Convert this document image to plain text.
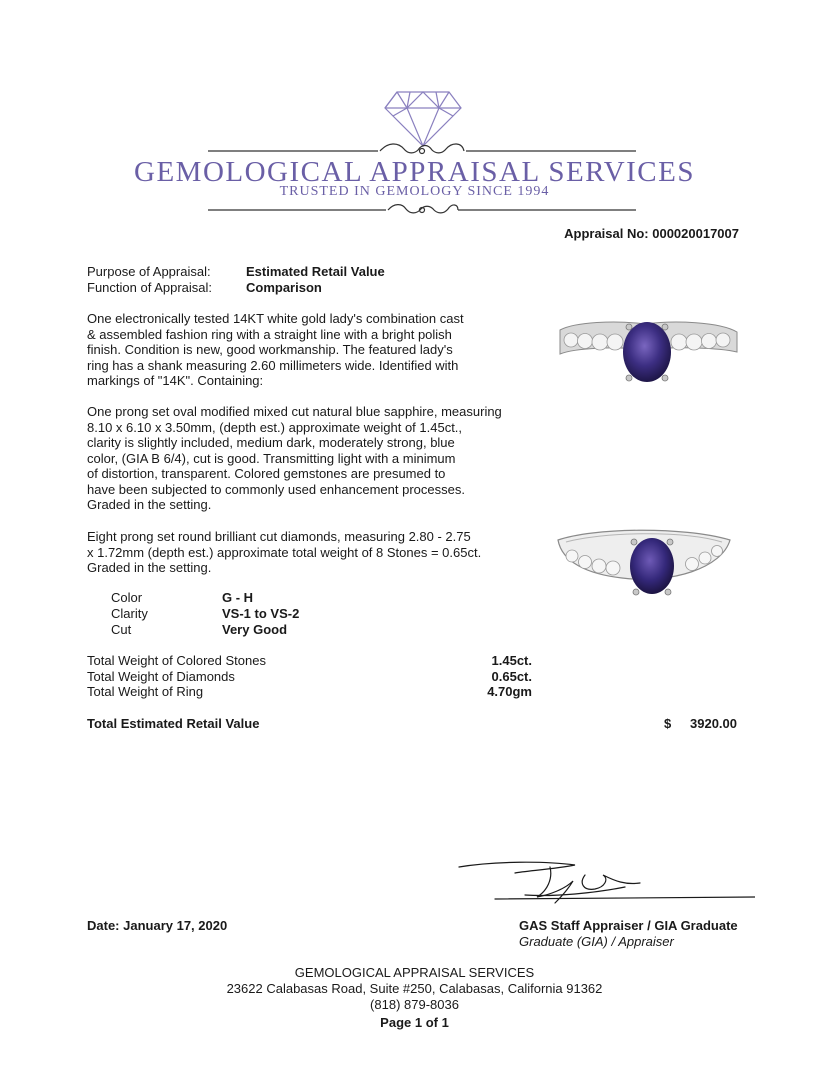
GEMOLOGICAL APPRAISAL SERVICES
TRUSTED IN GEMOLOGY SINCE 1994
Appraisal No: 000020017007
Purpose of Appraisal:	Estimated Retail Value
Function of Appraisal:	Comparison
One electronically tested 14KT white gold lady's combination cast
& assembled fashion ring with a straight line with a bright polish
finish. Condition is new, good workmanship. The featured lady's
ring has a shank measuring 2.60 millimeters wide. Identified with
markings of "14K". Containing:
One prong set oval modified mixed cut natural blue sapphire, measuring
8.10 x 6.10 x 3.50mm, (depth est.) approximate weight of 1.45ct.,
clarity is slightly included, medium dark, moderately strong, blue
color, (GIA B 6/4), cut is good. Transmitting light with a minimum
of distortion, transparent. Colored gemstones are presumed to
have been subjected to commonly used enhancement processes.
Graded in the setting.
Eight prong set round brilliant cut diamonds, measuring 2.80 - 2.75
x 1.72mm (depth est.) approximate total weight of 8 Stones = 0.65ct.
Graded in the setting.
Color	G - H
Clarity	VS-1 to VS-2
Cut	Very Good
Total Weight of Colored Stones	1.45ct.
Total Weight of Diamonds	0.65ct.
Total Weight of Ring	4.70gm
Total Estimated Retail Value	$	3920.00
Date: January 17, 2020	GAS Staff Appraiser / GIA Graduate
Graduate (GIA) / Appraiser
GEMOLOGICAL APPRAISAL SERVICES
23622 Calabasas Road, Suite #250, Calabasas, California 91362
(818) 879-8036
Page 1 of 1
